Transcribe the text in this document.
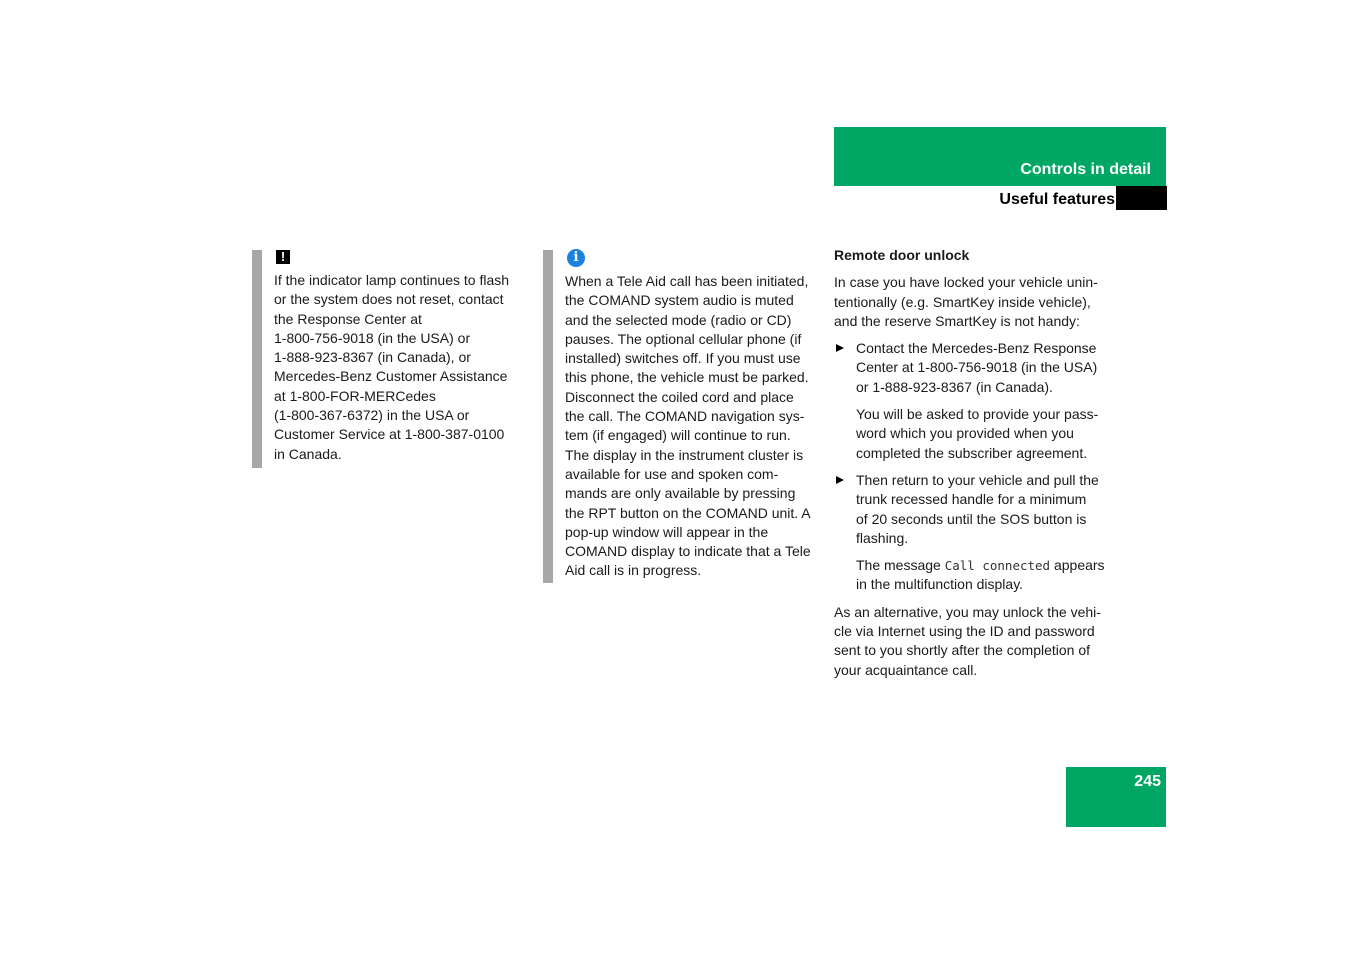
Controls in detail
Useful features
!
If the indicator lamp continues to flash
or the system does not reset, contact
the Response Center at
1-800-756-9018 (in the USA) or
1-888-923-8367 (in Canada), or
Mercedes-Benz Customer Assistance
at 1-800-FOR-MERCedes
(1-800-367-6372) in the USA or
Customer Service at 1-800-387-0100
in Canada.
i
When a Tele Aid call has been initiated,
the COMAND system audio is muted
and the selected mode (radio or CD)
pauses. The optional cellular phone (if
installed) switches off. If you must use
this phone, the vehicle must be parked.
Disconnect the coiled cord and place
the call. The COMAND navigation sys-
tem (if engaged) will continue to run.
The display in the instrument cluster is
available for use and spoken com-
mands are only available by pressing
the RPT button on the COMAND unit. A
pop-up window will appear in the
COMAND display to indicate that a Tele
Aid call is in progress.
Remote door unlock

In case you have locked your vehicle unin-
tentionally (e.g. SmartKey inside vehicle),
and the reserve SmartKey is not handy:

Contact the Mercedes-Benz Response
Center at 1-800-756-9018 (in the USA)
or 1-888-923-8367 (in Canada).
You will be asked to provide your pass-
word which you provided when you
completed the subscriber agreement.
Then return to your vehicle and pull the
trunk recessed handle for a minimum
of 20 seconds until the SOS button is
flashing.
The message Call connected appears
in the multifunction display.

As an alternative, you may unlock the vehi-
cle via Internet using the ID and password
sent to you shortly after the completion of
your acquaintance call.

245
